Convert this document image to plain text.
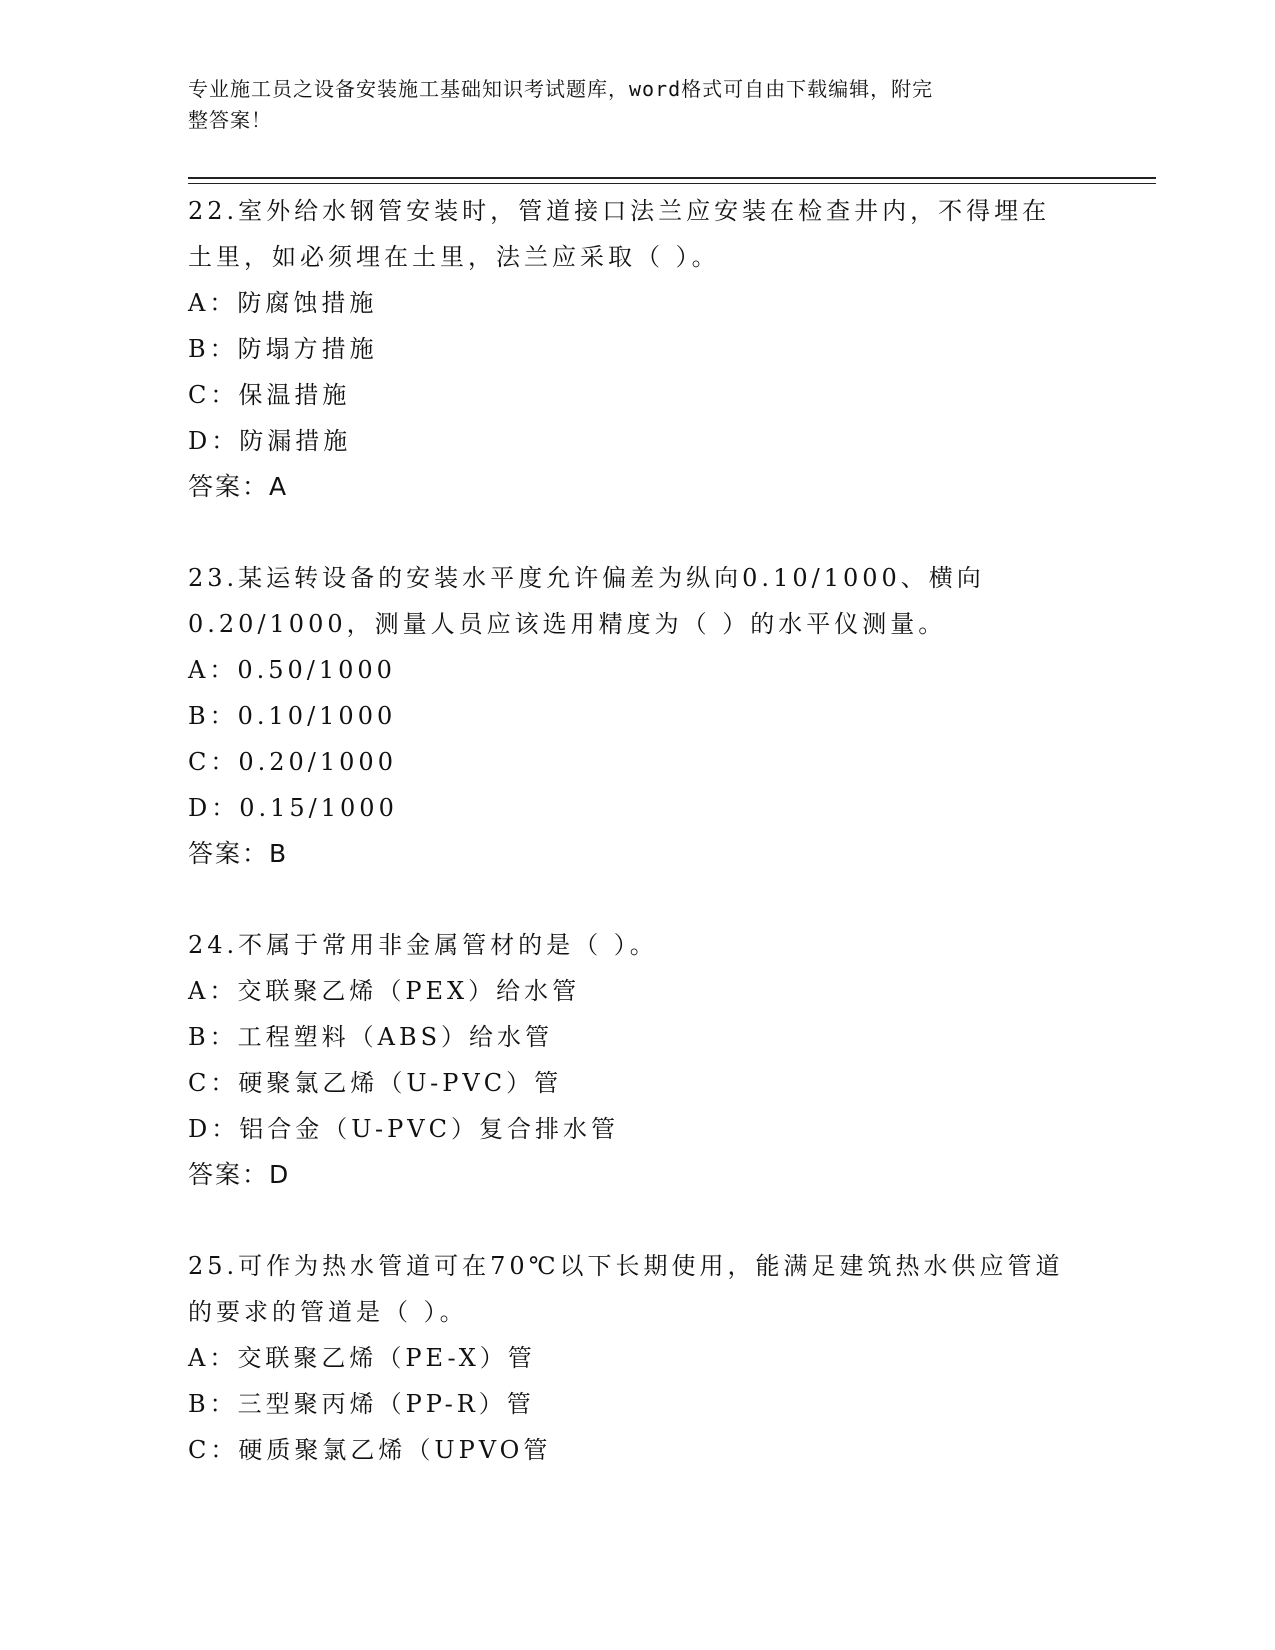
专业施工员之设备安装施工基础知识考试题库，word格式可自由下载编辑，附完
整答案！
22.室外给水钢管安装时，管道接口法兰应安装在检查井内，不得埋在
土里，如必须埋在土里，法兰应采取（ ）。
A：防腐蚀措施
B：防塌方措施
C：保温措施
D：防漏措施
答案：A
23.某运转设备的安装水平度允许偏差为纵向0.10/1000、横向
0.20/1000，测量人员应该选用精度为（ ）的水平仪测量。
A：0.50/1000
B：0.10/1000
C：0.20/1000
D：0.15/1000
答案：B
24.不属于常用非金属管材的是（ ）。
A：交联聚乙烯（PEX）给水管
B：工程塑料（ABS）给水管
C：硬聚氯乙烯（U-PVC）管
D：铝合金（U-PVC）复合排水管
答案：D
25.可作为热水管道可在70℃以下长期使用，能满足建筑热水供应管道
的要求的管道是（ ）。
A：交联聚乙烯（PE-X）管
B：三型聚丙烯（PP-R）管
C：硬质聚氯乙烯（UPVO管
